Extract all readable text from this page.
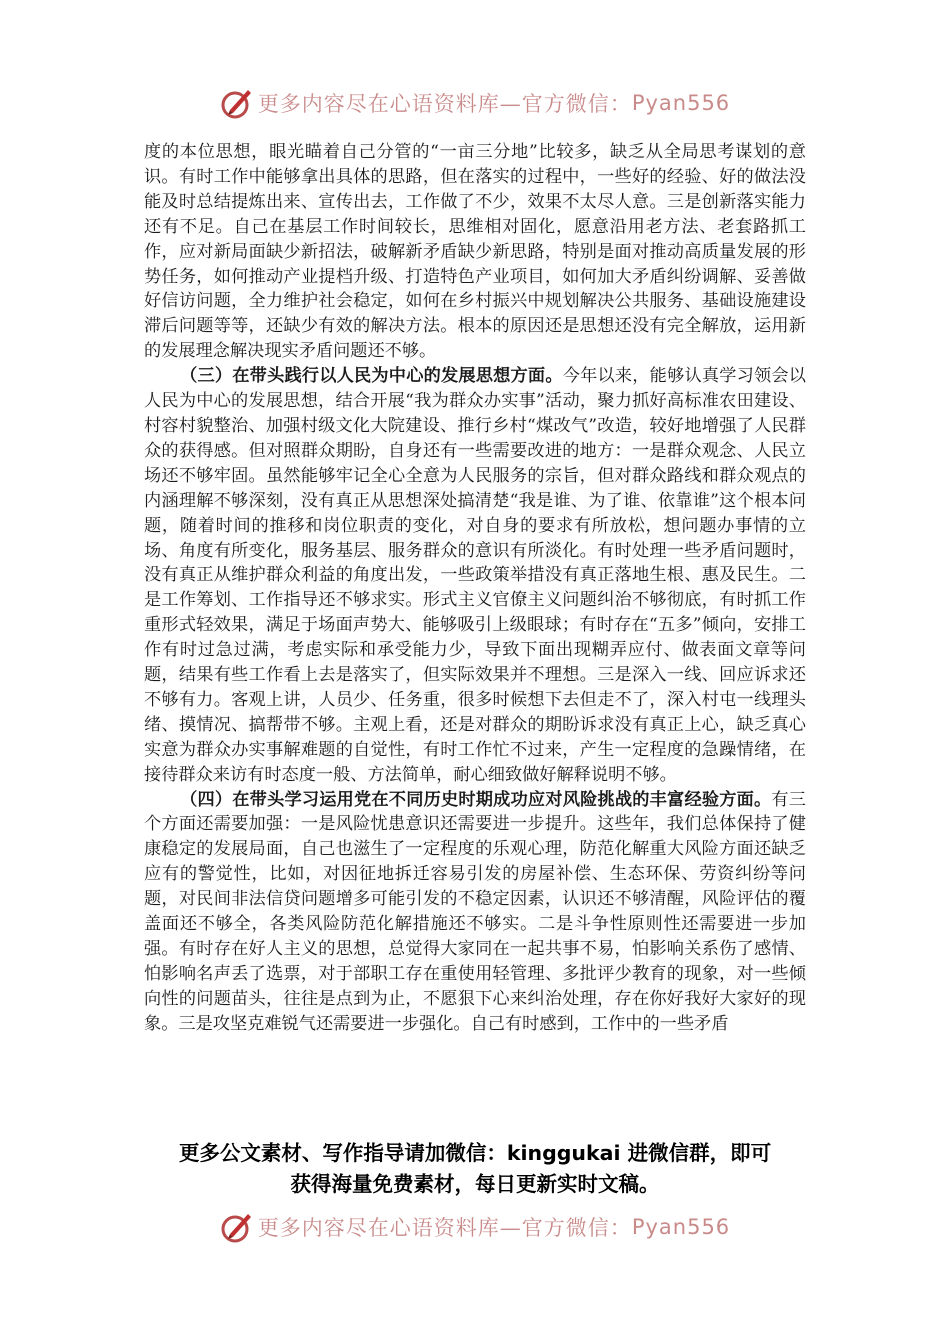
更多内容尽在心语资料库—官方微信： Pyan556

度的本位思想，眼光瞄着自己分管的“一亩三分地”比较多，缺乏从全局思考谋划的意识。有时工作中能够拿出具体的思路，但在落实的过程中，一些好的经验、好的做法没能及时总结提炼出来、宣传出去，工作做了不少，效果不太尽人意。三是创新落实能力还有不足。自己在基层工作时间较长，思维相对固化，愿意沿用老方法、老套路抓工作，应对新局面缺少新招法，破解新矛盾缺少新思路，特别是面对推动高质量发展的形势任务，如何推动产业提档升级、打造特色产业项目，如何加大矛盾纠纷调解、妥善做好信访问题，全力维护社会稳定，如何在乡村振兴中规划解决公共服务、基础设施建设滞后问题等等，还缺少有效的解决方法。根本的原因还是思想还没有完全解放，运用新的发展理念解决现实矛盾问题还不够。

（三）在带头践行以人民为中心的发展思想方面。今年以来，能够认真学习领会以人民为中心的发展思想，结合开展“我为群众办实事”活动，聚力抓好高标准农田建设、村容村貌整治、加强村级文化大院建设、推行乡村“煤改气”改造，较好地增强了人民群众的获得感。但对照群众期盼，自身还有一些需要改进的地方：一是群众观念、人民立场还不够牢固。虽然能够牢记全心全意为人民服务的宗旨，但对群众路线和群众观点的内涵理解不够深刻，没有真正从思想深处搞清楚“我是谁、为了谁、依靠谁”这个根本问题，随着时间的推移和岗位职责的变化，对自身的要求有所放松，想问题办事情的立场、角度有所变化，服务基层、服务群众的意识有所淡化。有时处理一些矛盾问题时，没有真正从维护群众利益的角度出发，一些政策举措没有真正落地生根、惠及民生。二是工作筹划、工作指导还不够求实。形式主义官僚主义问题纠治不够彻底，有时抓工作重形式轻效果，满足于场面声势大、能够吸引上级眼球；有时存在“五多”倾向，安排工作有时过急过满，考虑实际和承受能力少，导致下面出现糊弄应付、做表面文章等问题，结果有些工作看上去是落实了，但实际效果并不理想。三是深入一线、回应诉求还不够有力。客观上讲，人员少、任务重，很多时候想下去但走不了，深入村屯一线理头绪、摸情况、搞帮带不够。主观上看，还是对群众的期盼诉求没有真正上心，缺乏真心实意为群众办实事解难题的自觉性，有时工作忙不过来，产生一定程度的急躁情绪，在接待群众来访有时态度一般、方法简单，耐心细致做好解释说明不够。

（四）在带头学习运用党在不同历史时期成功应对风险挑战的丰富经验方面。有三个方面还需要加强：一是风险忧患意识还需要进一步提升。这些年，我们总体保持了健康稳定的发展局面，自己也滋生了一定程度的乐观心理，防范化解重大风险方面还缺乏应有的警觉性，比如，对因征地拆迁容易引发的房屋补偿、生态环保、劳资纠纷等问题，对民间非法信贷问题增多可能引发的不稳定因素，认识还不够清醒，风险评估的覆盖面还不够全，各类风险防范化解措施还不够实。二是斗争性原则性还需要进一步加强。有时存在好人主义的思想，总觉得大家同在一起共事不易，怕影响关系伤了感情、怕影响名声丢了选票，对于部职工存在重使用轻管理、多批评少教育的现象，对一些倾向性的问题苗头，往往是点到为止，不愿狠下心来纠治处理，存在你好我好大家好的现象。三是攻坚克难锐气还需要进一步强化。自己有时感到，工作中的一些矛盾

更多公文素材、写作指导请加微信：kinggukai 进微信群，即可
获得海量免费素材，每日更新实时文稿。
更多内容尽在心语资料库—官方微信： Pyan556
